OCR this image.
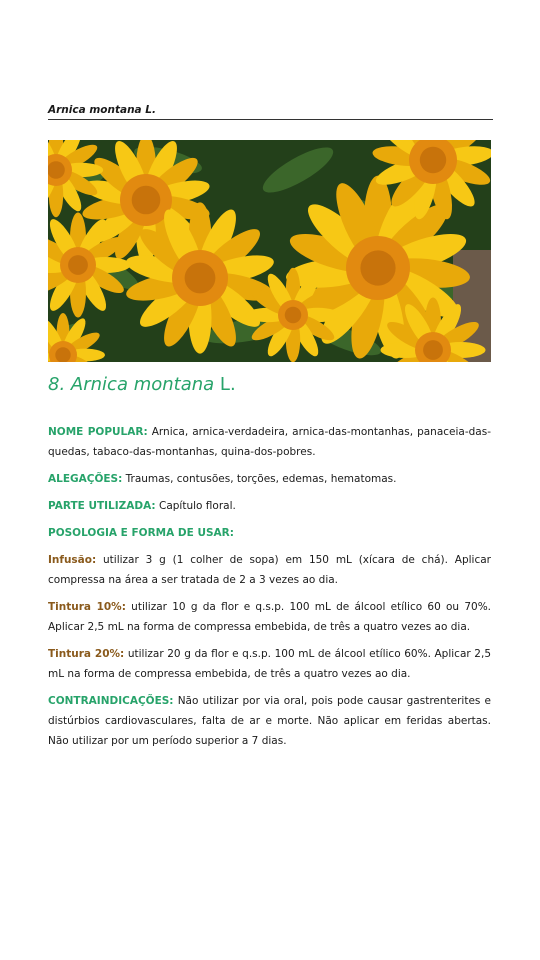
Arnica montana L.
8. Arnica montana L.

NOME POPULAR: Arnica, arnica-verdadeira, arnica-das-montanhas, panaceia-das-quedas, tabaco-das-montanhas, quina-dos-pobres.

ALEGAÇÕES: Traumas, contusões, torções, edemas, hematomas.

PARTE UTILIZADA: Capítulo floral.

POSOLOGIA E FORMA DE USAR:

Infusão: utilizar 3 g (1 colher de sopa) em 150 mL (xícara de chá). Aplicar compressa na área a ser tratada de 2 a 3 vezes ao dia.

Tintura 10%: utilizar 10 g da flor e q.s.p. 100 mL de álcool etílico 60 ou 70%. Aplicar 2,5 mL na forma de compressa embebida, de três a quatro vezes ao dia.

Tintura 20%: utilizar 20 g da flor e q.s.p. 100 mL de álcool etílico 60%. Aplicar 2,5 mL na forma de compressa embebida, de três a quatro vezes ao dia.

CONTRAINDICAÇÕES: Não utilizar por via oral, pois pode causar gastrenterites e distúrbios cardiovasculares, falta de ar e morte. Não aplicar em feridas abertas. Não utilizar por um período superior a 7 dias.
